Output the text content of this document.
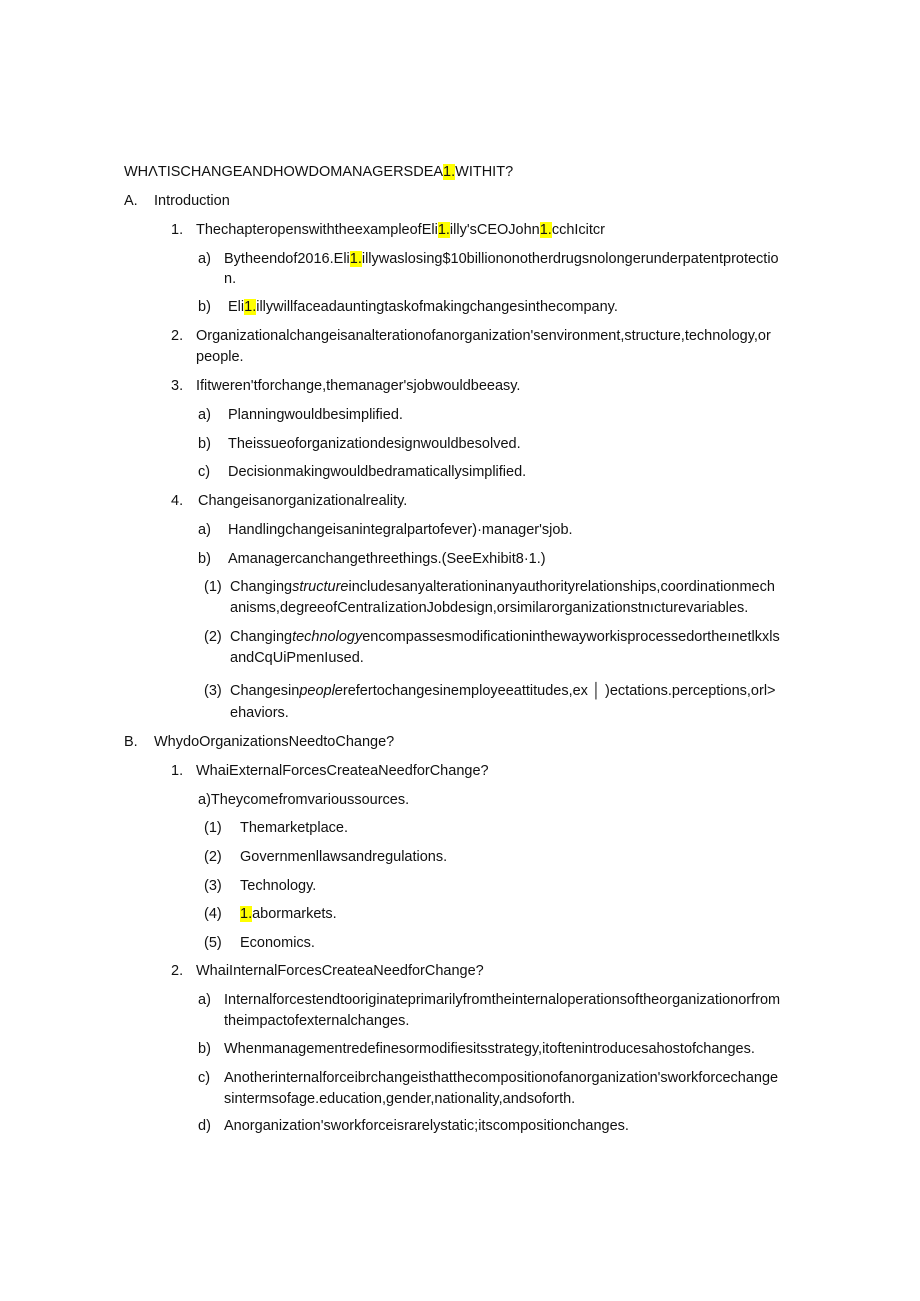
WHΛTISCHANGEANDHOWDOMANAGERSDEA1.WITHIT?
A. Introduction
1. ThechapteropenswiththeexampleofEli1.illy'sCEOJohn1.cchIcitcr
a) Bytheendof2016.Eli1.illywaslosing$10billiononotherdrugsnolongerunderpatentprotectio
n.
b) Eli1.illywillfaceadauntingtaskofmakingchangesinthecompany.
2. Organizationalchangeisanalterationofanorganization'senvironment,structure,technology,or
people.
3. Ifitweren'tforchange,themanager'sjobwouldbeeasy.
a) Planningwouldbesimplified.
b) Theissueoforganizationdesignwouldbesolved.
c) Decisionmakingwouldbedramaticallysimplified.
4. Changeisanorganizationalreality.
a) Handlingchangeisanintegralpartofever)·manager'sjob.
b) Amanagercanchangethreethings.(SeeExhibit8·1.)
(1) Changingstructureincludesanyalterationinanyauthorityrelationships,coordinationmech
anisms,degreeofCentraIizationJobdesign,orsimilarorganizationstnıcturevariables.
(2) Changingtechnologyencompassesmodificationinthewayworkisprocessedortheınetlkxls
andCqUiPmenIused.
(3) Changesinpeoplerefertochangesinemployeeattitudes,ex │ )ectations.perceptions,orl>
ehaviors.
B. WhydoOrganizationsNeedtoChange?
1. WhaiExternalForcesCreateaNeedforChange?
a)Theycomefromvarioussources.
(1) Themarketplace.
(2) Governmenllawsandregulations.
(3) Technology.
(4) 1.abormarkets.
(5) Economics.
2. WhaiInternalForcesCreateaNeedforChange?
a) Internalforcestendtooriginateprimarilyfromtheinternaloperationsoftheorganizationorfrom
theimpactofexternalchanges.
b) Whenmanagementredefinesormodifiesitsstrategy,itoftenintroducesahostofchanges.
c) Anotherinternalforceibrchangeisthatthecompositionofanorganization'sworkforcechange
sintermsofage.education,gender,nationality,andsoforth.
d) Anorganization'sworkforceisrarelystatic;itscompositionchanges.
